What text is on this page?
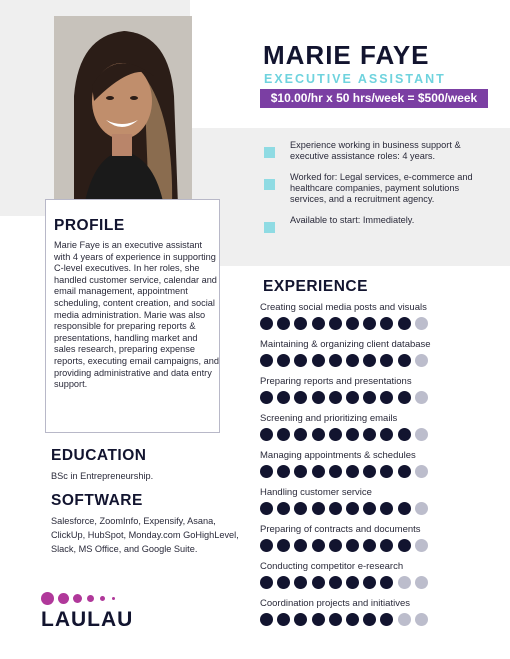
MARIE FAYE
EXECUTIVE ASSISTANT
$10.00/hr x 50 hrs/week = $500/week
Experience working in business support & executive assistance roles: 4 years.
Worked for: Legal services, e-commerce and healthcare companies, payment solutions services, and a recruitment agency.
Available to start: Immediately.
PROFILE
Marie Faye is an executive assistant with 4 years of experience in supporting C-level executives. In her roles, she handled customer service, calendar and email management, appointment scheduling, content creation, and social media administration. Marie was also responsible for preparing reports & presentations, handling market and sales research, preparing expense reports, executing email campaigns, and providing administrative and data entry support.
EDUCATION
BSc in Entrepreneurship.
SOFTWARE
Salesforce, ZoomInfo, Expensify, Asana, ClickUp, HubSpot, Monday.com GoHighLevel, Slack, MS Office, and Google Suite.
LAULAU
EXPERIENCE
Creating social media posts and visuals
Maintaining & organizing client database
Preparing reports and presentations
Screening and prioritizing emails
Managing appointments & schedules
Handling customer service
Preparing of contracts and documents
Conducting competitor e-research
Coordination projects and initiatives
